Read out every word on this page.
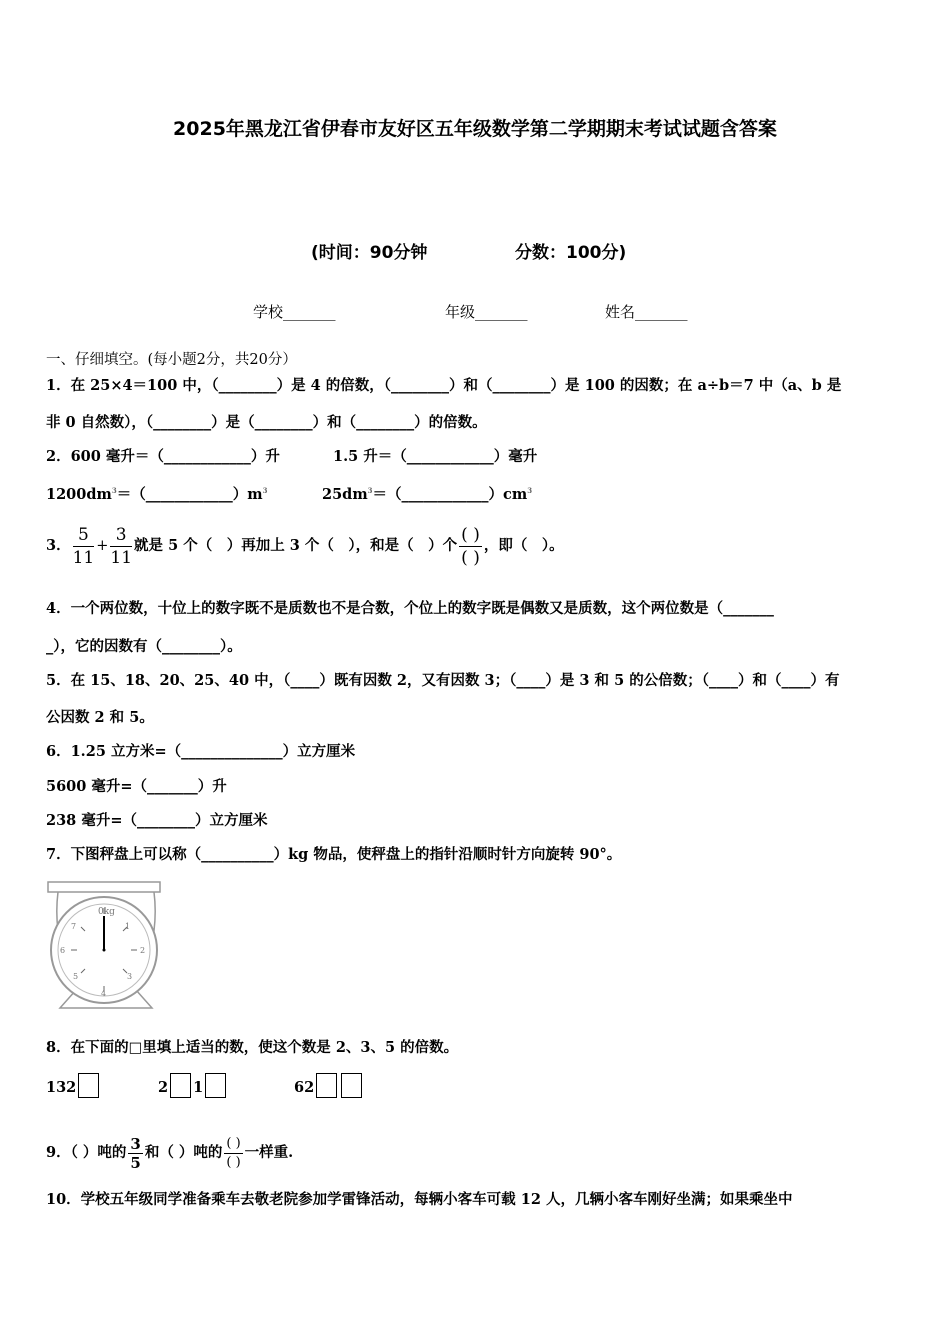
2025年黑龙江省伊春市友好区五年级数学第二学期期末考试试题含答案
(时间：90分钟	分数：100分)
学校_______	年级_______	姓名_______
一、仔细填空。(每小题2分，共20分）
1．在 25×4＝100 中，（________）是 4 的倍数，（________）和（________）是 100 的因数；在 a÷b＝7 中（a、b 是
非 0 自然数），（________）是（________）和（________）的倍数。
2．600 毫升＝（____________）升	1.5 升＝（____________）毫升
$1200dm^3=(\_\_\_\_\_\_\_\_\_\_\_\_)m^3$	$25dm^3=(\_\_\_\_\_\_\_\_\_\_\_\_)cm^3$
3． $\frac{5}{11} + \frac{3}{11}$ 就是 5 个（　）再加上 3 个（　），和是（　）个 $\frac{( )}{( )}$ ，即（　）。
4．一个两位数，十位上的数字既不是质数也不是合数，个位上的数字既是偶数又是质数，这个两位数是（_______
_），它的因数有（________）。
5．在 15、18、20、25、40 中，（____）既有因数 2，又有因数 3；（____）是 3 和 5 的公倍数；（____）和（____）有
公因数 2 和 5。
6．1.25 立方米=（______________）立方厘米
5600 毫升=（_______）升
238 毫升=（________）立方厘米
7．下图秤盘上可以称（__________）kg 物品，使秤盘上的指针沿顺时针方向旋转 90°。
0kg
1
2
3
4
5
6
7
8．在下面的□里填上适当的数，使这个数是 2、3、5 的倍数。
132	2 1	62
9．（ ）吨的 $\frac{3}{5}$ 和（ ）吨的 $\frac{( )}{( )}$ 一样重.
10．学校五年级同学准备乘车去敬老院参加学雷锋活动，每辆小客车可载 12 人，几辆小客车刚好坐满；如果乘坐中
